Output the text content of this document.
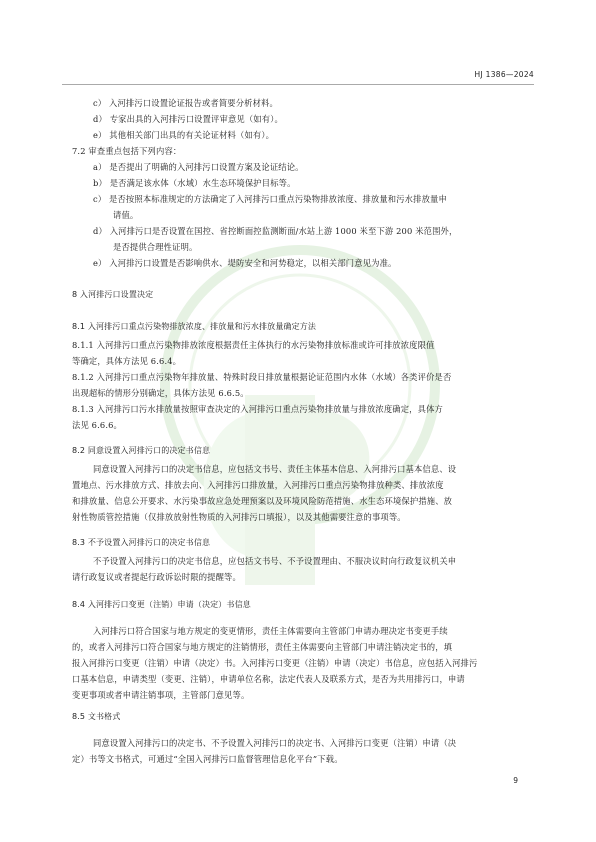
HJ 1386—2024
c） 入河排污口设置论证报告或者简要分析材料。
d） 专家出具的入河排污口设置评审意见（如有）。
e） 其他相关部门出具的有关论证材料（如有）。
7.2 审查重点包括下列内容：
a） 是否提出了明确的入河排污口设置方案及论证结论。
b） 是否满足该水体（水域）水生态环境保护目标等。
c） 是否按照本标准规定的方法确定了入河排污口重点污染物排放浓度、排放量和污水排放量申
请值。
d） 入河排污口是否设置在国控、省控断面控监测断面/水站上游 1000 米至下游 200 米范围外，
是否提供合理性证明。
e） 入河排污口设置是否影响供水、堤防安全和河势稳定，以相关部门意见为准。
8 入河排污口设置决定
8.1 入河排污口重点污染物排放浓度、排放量和污水排放量确定方法
8.1.1 入河排污口重点污染物排放浓度根据责任主体执行的水污染物排放标准或许可排放浓度限值
等确定，具体方法见 6.6.4。
8.1.2 入河排污口重点污染物年排放量、特殊时段日排放量根据论证范围内水体（水域）各类评价是否
出现超标的情形分别确定，具体方法见 6.6.5。
8.1.3 入河排污口污水排放量按照审查决定的入河排污口重点污染物排放量与排放浓度确定，具体方
法见 6.6.6。
8.2 同意设置入河排污口的决定书信息
同意设置入河排污口的决定书信息，应包括文书号、责任主体基本信息、入河排污口基本信息、设
置地点、污水排放方式、排放去向、入河排污口排放量，入河排污口重点污染物排放种类、排放浓度
和排放量、信息公开要求、水污染事故应急处理预案以及环境风险防范措施、水生态环境保护措施、放
射性物质管控措施（仅排放放射性物质的入河排污口填报），以及其他需要注意的事项等。
8.3 不予设置入河排污口的决定书信息
不予设置入河排污口的决定书信息，应包括文书号、不予设置理由、不服决议时向行政复议机关申
请行政复议或者提起行政诉讼时限的提醒等。
8.4 入河排污口变更（注销）申请（决定）书信息
入河排污口符合国家与地方规定的变更情形，责任主体需要向主管部门申请办理决定书变更手续
的，或者入河排污口符合国家与地方规定的注销情形，责任主体需要向主管部门申请注销决定书的，填
报入河排污口变更（注销）申请（决定）书。入河排污口变更（注销）申请（决定）书信息，应包括入河排污
口基本信息，申请类型（变更、注销），申请单位名称，法定代表人及联系方式，是否为共用排污口，申请
变更事项或者申请注销事项，主管部门意见等。
8.5 文书格式
同意设置入河排污口的决定书、不予设置入河排污口的决定书、入河排污口变更（注销）申请（决
定）书等文书格式，可通过“全国入河排污口监督管理信息化平台”下载。
9
